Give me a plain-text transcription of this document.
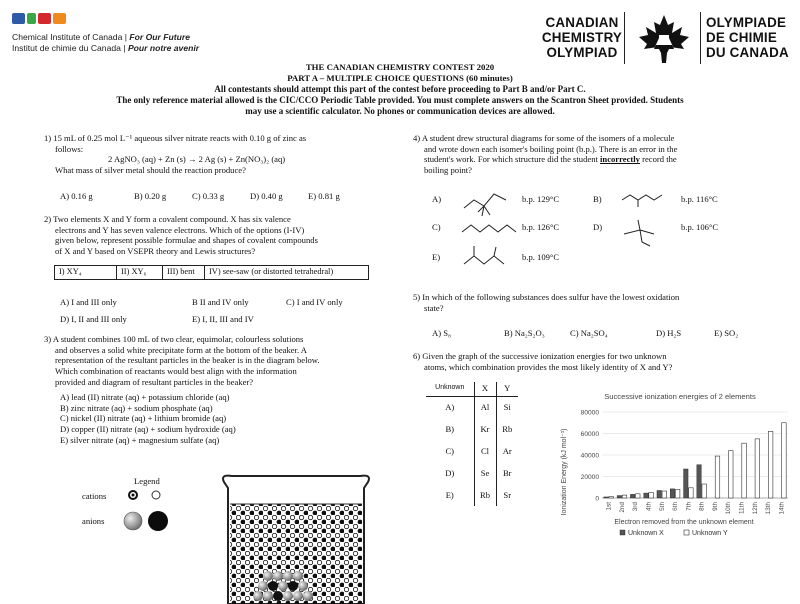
Chemical Institute of Canada | For Our Future
Institut de chimie du Canada | Pour notre avenir
CANADIAN
CHEMISTRY
OLYMPIAD
OLYMPIADE
DE CHIMIE
DU CANADA
THE CANADIAN CHEMISTRY CONTEST 2020
PART A – MULTIPLE CHOICE QUESTIONS (60 minutes)
All contestants should attempt this part of the contest before proceeding to Part B and/or Part C.
The only reference material allowed is the CIC/CCO Periodic Table provided. You must complete answers on the Scantron Sheet provided. Students
may use a scientific calculator. No phones or communication devices are allowed.

1) 15 mL of 0.25 mol L⁻¹ aqueous silver nitrate reacts with 0.10 g of zinc as

follows:

2 AgNO₃ (aq) + Zn (s) → 2 Ag (s) + Zn(NO₃)₂ (aq)

What mass of silver metal should the reaction produce?

A) 0.16 g	B) 0.20 g	C) 0.33 g	D) 0.40 g	E) 0.81 g

2) Two elements X and Y form a covalent compound. X has six valence

electrons and Y has seven valence electrons. Which of the options (I-IV)

given below, represent possible formulae and shapes of covalent compounds

of X and Y based on VSEPR theory and Lewis structures?

I) XY₄	II) XY₆	III) bent	IV) see-saw (or distorted tetrahedral)
A) I and III only	B II and IV only	C) I and IV only
D) I, II and III only	E) I, II, III and IV

3) A student combines 100 mL of two clear, equimolar, colourless solutions

and observes a solid white precipitate form at the bottom of the beaker. A

representation of the resultant particles in the beaker is in the diagram below.

Which combination of reactants would best align with the information

provided and diagram of resultant particles in the beaker?

A) lead (II) nitrate (aq) + potassium chloride (aq)

B) zinc nitrate (aq) + sodium phosphate (aq)

C) nickel (II) nitrate (aq) + lithium bromide (aq)

D) copper (II) nitrate (aq) + sodium hydroxide (aq)

E) silver nitrate (aq) + magnesium sulfate (aq)

Legend
cations
anions

4) A student drew structural diagrams for some of the isomers of a molecule

and wrote down each isomer's boiling point (b.p.). There is an error in the

student's work. For which structure did the student incorrectly record the

boiling point?

A)	b.p. 129°C	B)	b.p. 116°C
C)	b.p. 126°C	D)	b.p. 106°C
E)	b.p. 109°C

5) In which of the following substances does sulfur have the lowest oxidation

state?

A) S₈	B) Na₂S₂O₃	C) Na₂SO₄	D) H₂S	E) SO₂

6) Given the graph of the successive ionization energies for two unknown

atoms, which combination provides the most likely identity of X and Y?

Unknown	X	Y
A)	Al	Si
B)	Kr	Rb
C)	Cl	Ar
D)	Se	Br
E)	Rb	Sr
Successive ionization energies of 2 elements
Ionization Energy (kJ mol⁻¹)
Electron removed from the unknown element
0
20000
40000
60000
80000
1st 2nd 3rd 4th 5th 6th 7th 8th 9th 10th 11th 12th 13th 14th
Unknown X	Unknown Y
